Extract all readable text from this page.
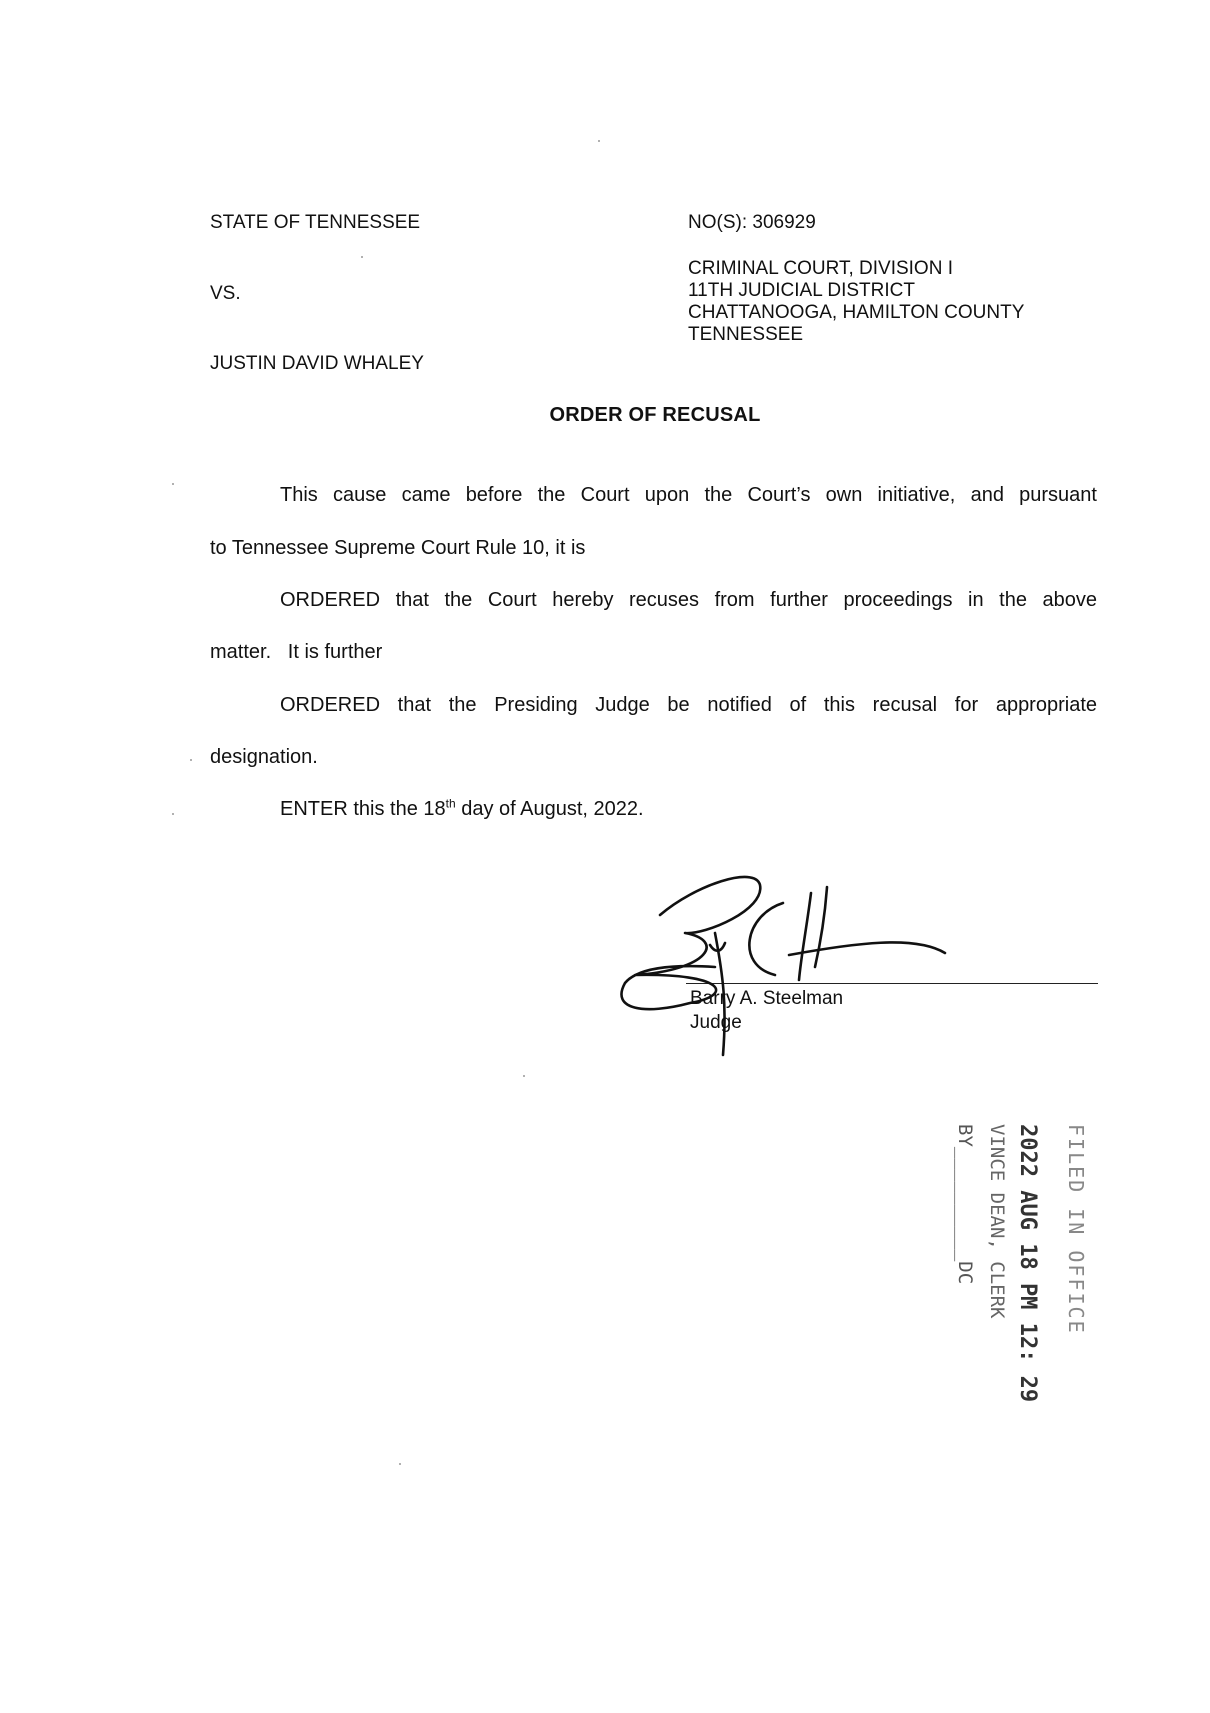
STATE OF TENNESSEE
VS.
JUSTIN DAVID WHALEY
NO(S): 306929
CRIMINAL COURT, DIVISION I
11TH JUDICIAL DISTRICT
CHATTANOOGA, HAMILTON COUNTY
TENNESSEE
ORDER OF RECUSAL
This cause came before the Court upon the Court’s own initiative, and pursuant
to Tennessee Supreme Court Rule 10, it is
ORDERED that the Court hereby recuses from further proceedings in the above
matter.   It is further
ORDERED that the Presiding Judge be notified of this recusal for appropriate
designation.
ENTER this the 18th day of August, 2022.
Barry A. Steelman
Judge
FILED IN OFFICE
2022 AUG 18 PM 12: 29
VINCE DEAN, CLERK
BY__________DC
